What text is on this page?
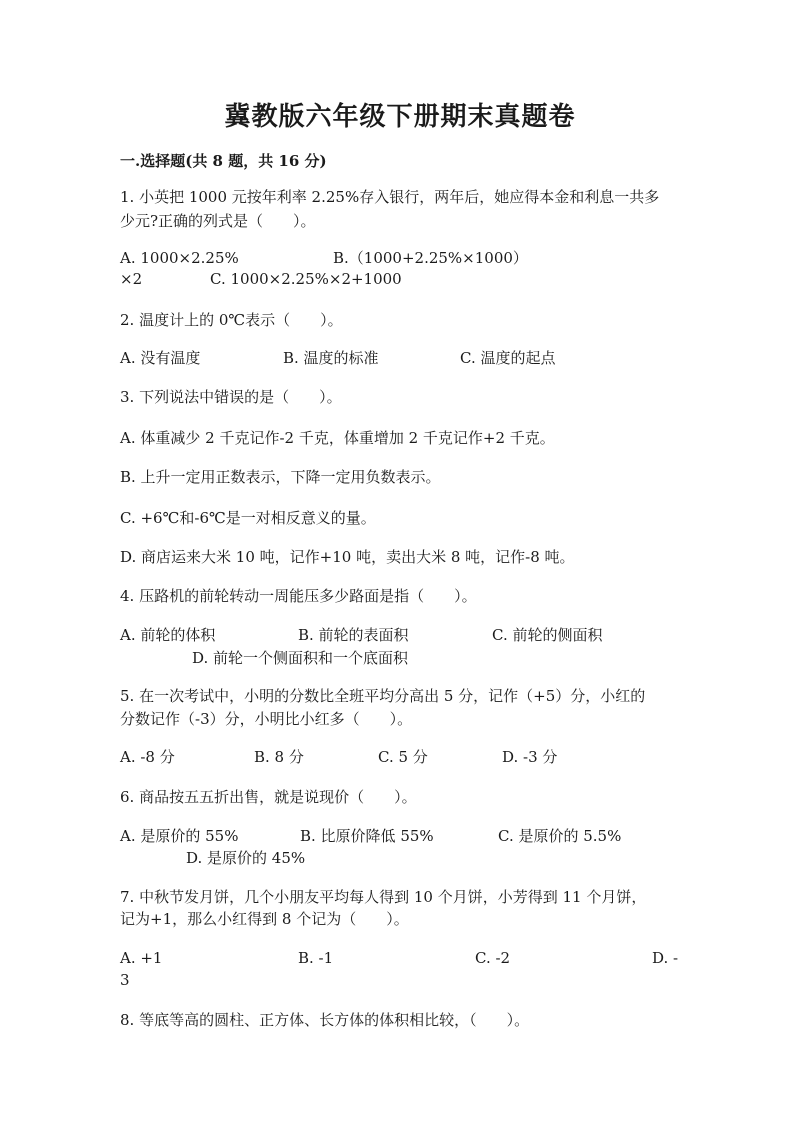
冀教版六年级下册期末真题卷
一.选择题(共 8 题，共 16 分)
1. 小英把 1000 元按年利率 2.25%存入银行，两年后，她应得本金和利息一共多
少元?正确的列式是（　　）。
A. 1000×2.25%	B.（1000+2.25%×1000）
×2	C. 1000×2.25%×2+1000
2. 温度计上的 0℃表示（　　）。
A. 没有温度	B. 温度的标准	C. 温度的起点
3. 下列说法中错误的是（　　）。
A. 体重减少 2 千克记作-2 千克，体重增加 2 千克记作+2 千克。
B. 上升一定用正数表示，下降一定用负数表示。
C. +6℃和-6℃是一对相反意义的量。
D. 商店运来大米 10 吨，记作+10 吨，卖出大米 8 吨，记作-8 吨。
4. 压路机的前轮转动一周能压多少路面是指（　　）。
A. 前轮的体积	B. 前轮的表面积	C. 前轮的侧面积
D. 前轮一个侧面积和一个底面积
5. 在一次考试中，小明的分数比全班平均分高出 5 分，记作（+5）分，小红的
分数记作（-3）分，小明比小红多（　　）。
A. -8 分	B. 8 分	C. 5 分	D. -3 分
6. 商品按五五折出售，就是说现价（　　）。
A. 是原价的 55%	B. 比原价降低 55%	C. 是原价的 5.5%
D. 是原价的 45%
7. 中秋节发月饼，几个小朋友平均每人得到 10 个月饼，小芳得到 11 个月饼，
记为+1，那么小红得到 8 个记为（　　）。
A. +1	B. -1	C. -2	D. -
3
8. 等底等高的圆柱、正方体、长方体的体积相比较，（　　）。
